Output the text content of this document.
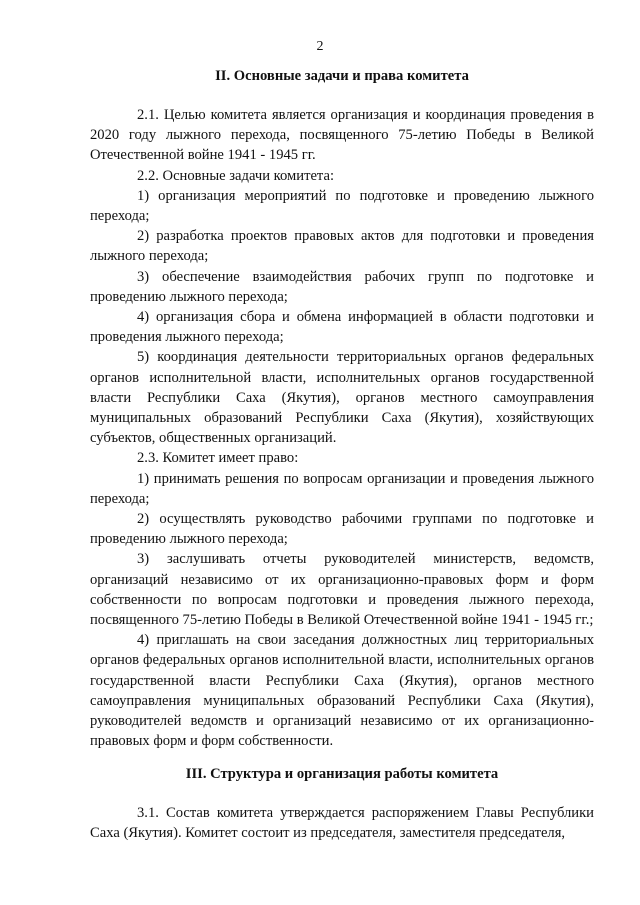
2
II. Основные задачи и права комитета

2.1. Целью комитета является организация и координация проведения в 2020 году лыжного перехода, посвященного 75-летию Победы в Великой Отечественной войне 1941 - 1945 гг.

2.2. Основные задачи комитета:

1) организация мероприятий по подготовке и проведению лыжного перехода;

2) разработка проектов правовых актов для подготовки и проведения лыжного перехода;

3) обеспечение взаимодействия рабочих групп по подготовке и проведению лыжного перехода;

4) организация сбора и обмена информацией в области подготовки и проведения лыжного перехода;

5) координация деятельности территориальных органов федеральных органов исполнительной власти, исполнительных органов государственной власти Республики Саха (Якутия), органов местного самоуправления муниципальных образований Республики Саха (Якутия), хозяйствующих субъектов, общественных организаций.

2.3. Комитет имеет право:

1) принимать решения по вопросам организации и проведения лыжного перехода;

2) осуществлять руководство рабочими группами по подготовке и проведению лыжного перехода;

3) заслушивать отчеты руководителей министерств, ведомств, организаций независимо от их организационно-правовых форм и форм собственности по вопросам подготовки и проведения лыжного перехода, посвященного 75-летию Победы в Великой Отечественной войне 1941 - 1945 гг.;

4) приглашать на свои заседания должностных лиц территориальных органов федеральных органов исполнительной власти, исполнительных органов государственной власти Республики Саха (Якутия), органов местного самоуправления муниципальных образований Республики Саха (Якутия), руководителей ведомств и организаций независимо от их организационно-правовых форм и форм собственности.

III. Структура и организация работы комитета

3.1. Состав комитета утверждается распоряжением Главы Республики Саха (Якутия). Комитет состоит из председателя, заместителя председателя,
